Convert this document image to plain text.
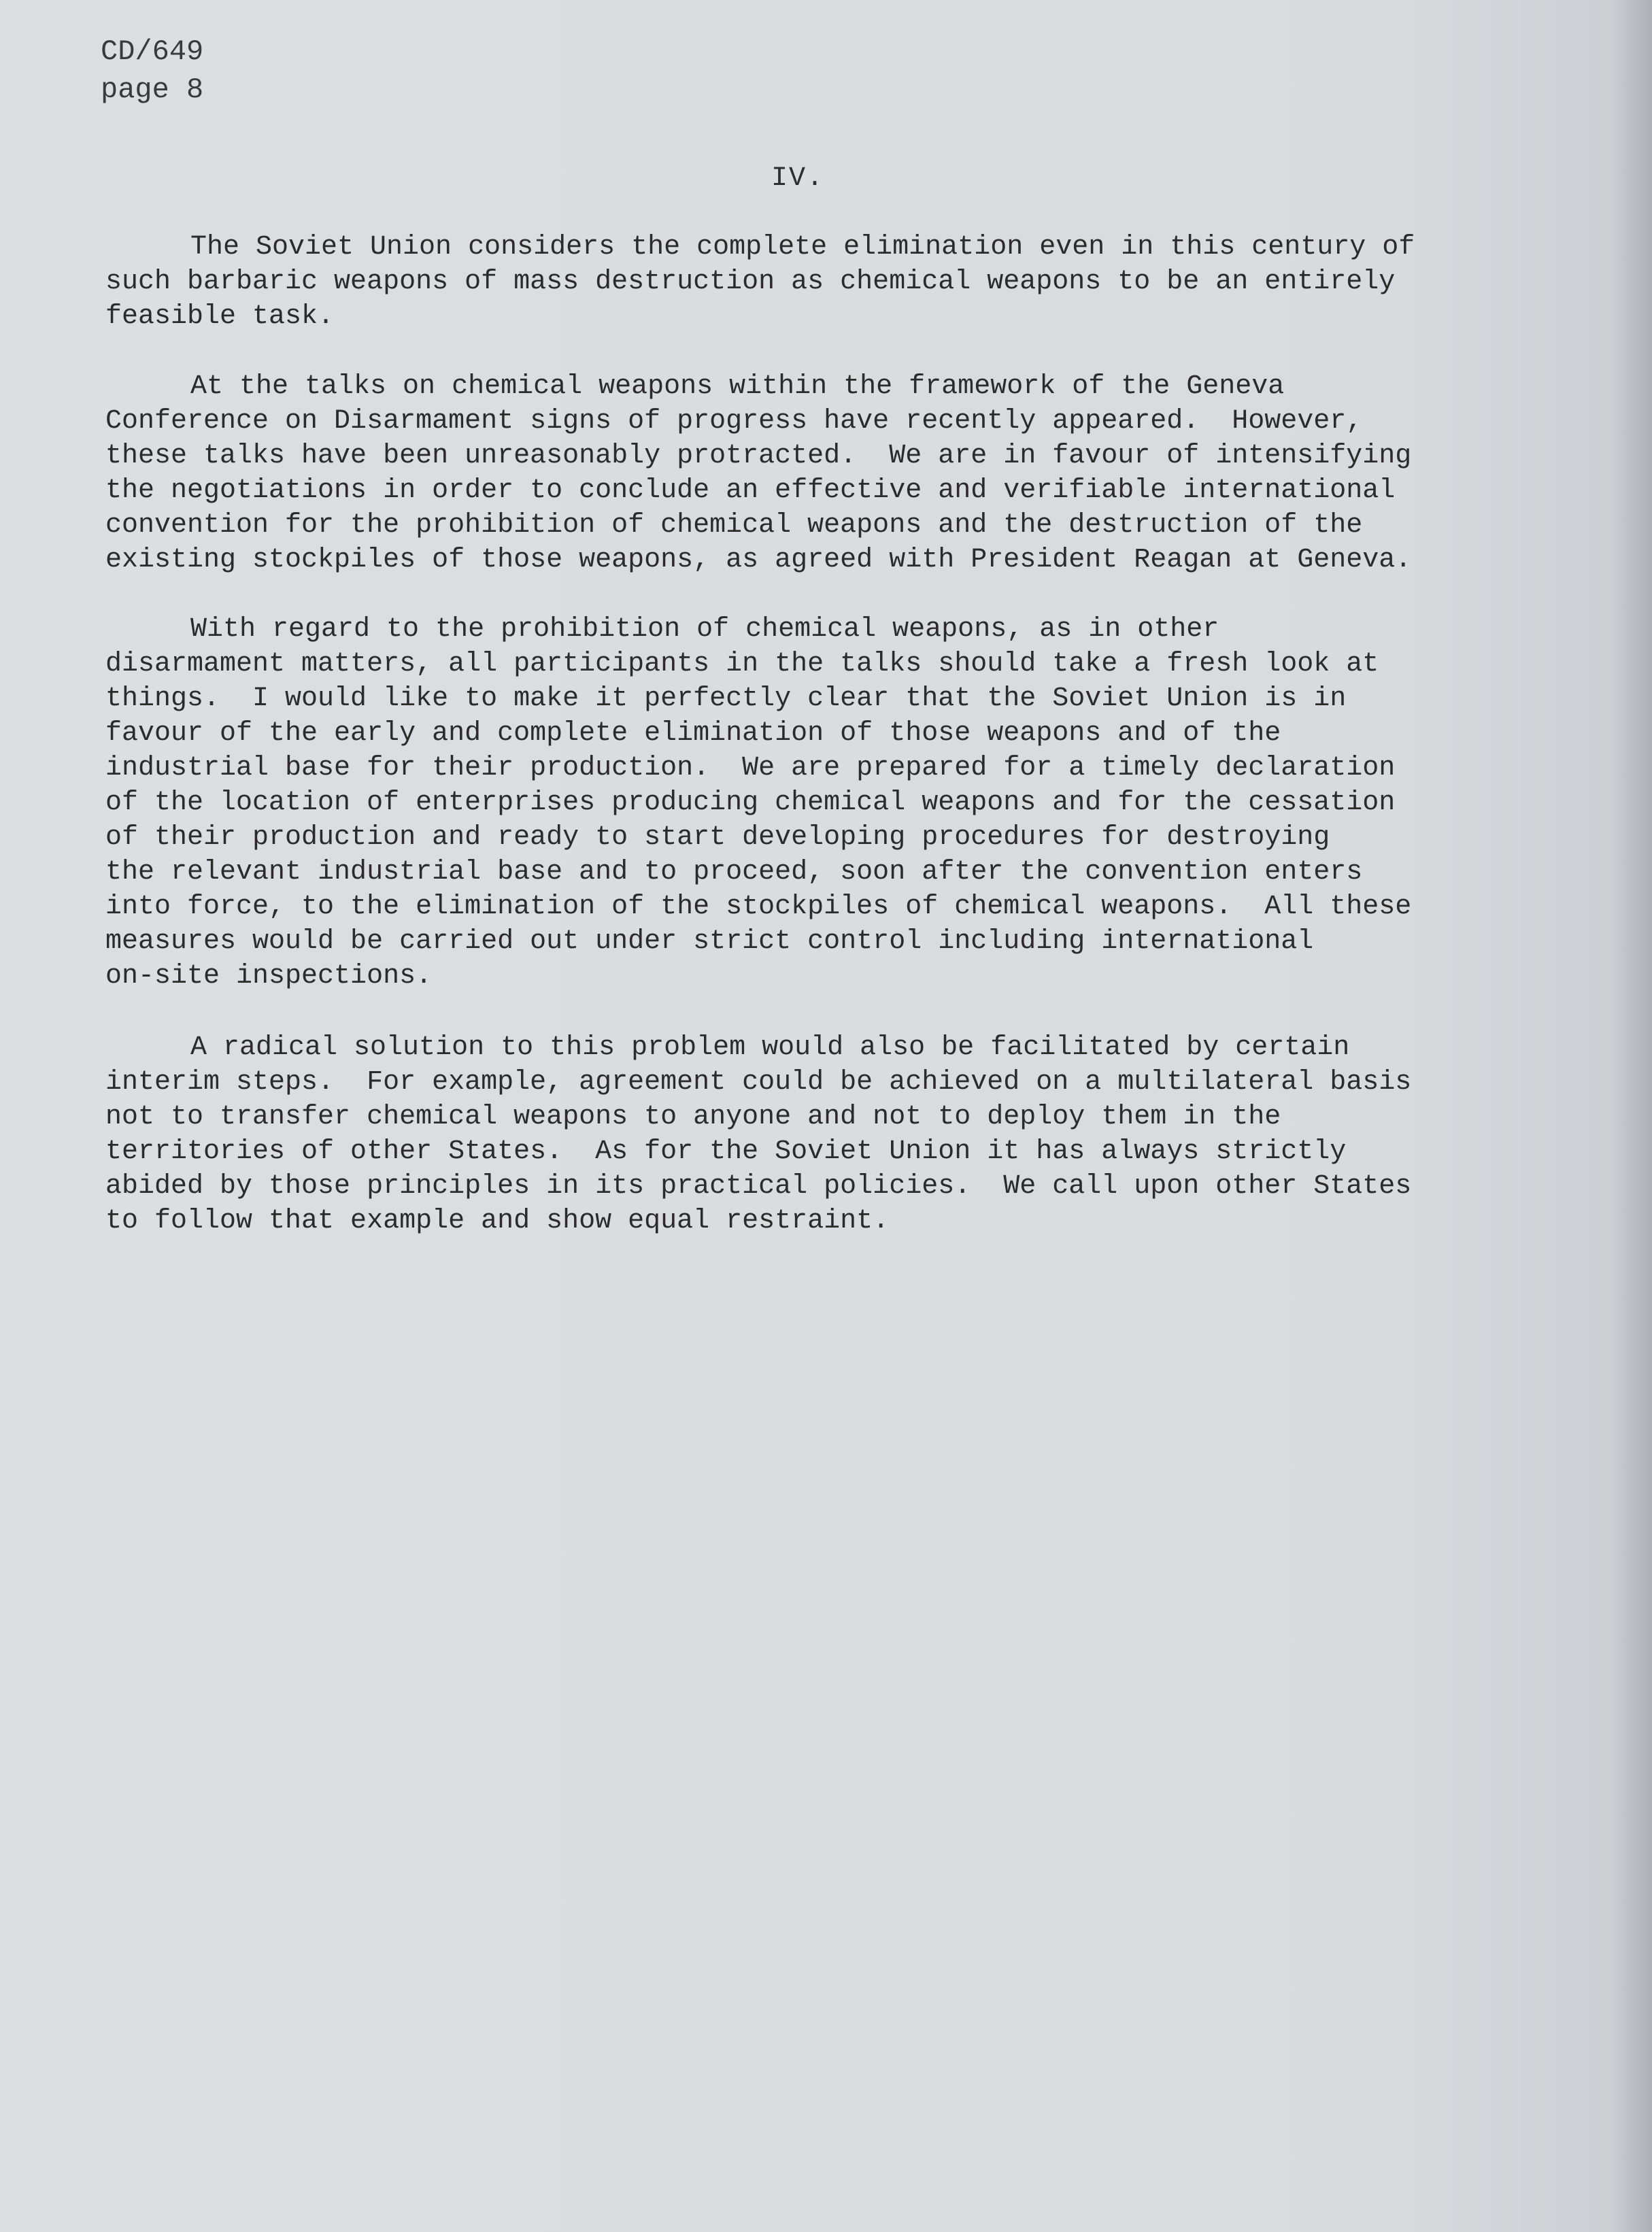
CD/649
page 8
IV.
The Soviet Union considers the complete elimination even in this century of
such barbaric weapons of mass destruction as chemical weapons to be an entirely
feasible task.
At the talks on chemical weapons within the framework of the Geneva
Conference on Disarmament signs of progress have recently appeared.  However,
these talks have been unreasonably protracted.  We are in favour of intensifying
the negotiations in order to conclude an effective and verifiable international
convention for the prohibition of chemical weapons and the destruction of the
existing stockpiles of those weapons, as agreed with President Reagan at Geneva.
With regard to the prohibition of chemical weapons, as in other
disarmament matters, all participants in the talks should take a fresh look at
things.  I would like to make it perfectly clear that the Soviet Union is in
favour of the early and complete elimination of those weapons and of the
industrial base for their production.  We are prepared for a timely declaration
of the location of enterprises producing chemical weapons and for the cessation
of their production and ready to start developing procedures for destroying
the relevant industrial base and to proceed, soon after the convention enters
into force, to the elimination of the stockpiles of chemical weapons.  All these
measures would be carried out under strict control including international
on-site inspections.
A radical solution to this problem would also be facilitated by certain
interim steps.  For example, agreement could be achieved on a multilateral basis
not to transfer chemical weapons to anyone and not to deploy them in the
territories of other States.  As for the Soviet Union it has always strictly
abided by those principles in its practical policies.  We call upon other States
to follow that example and show equal restraint.
